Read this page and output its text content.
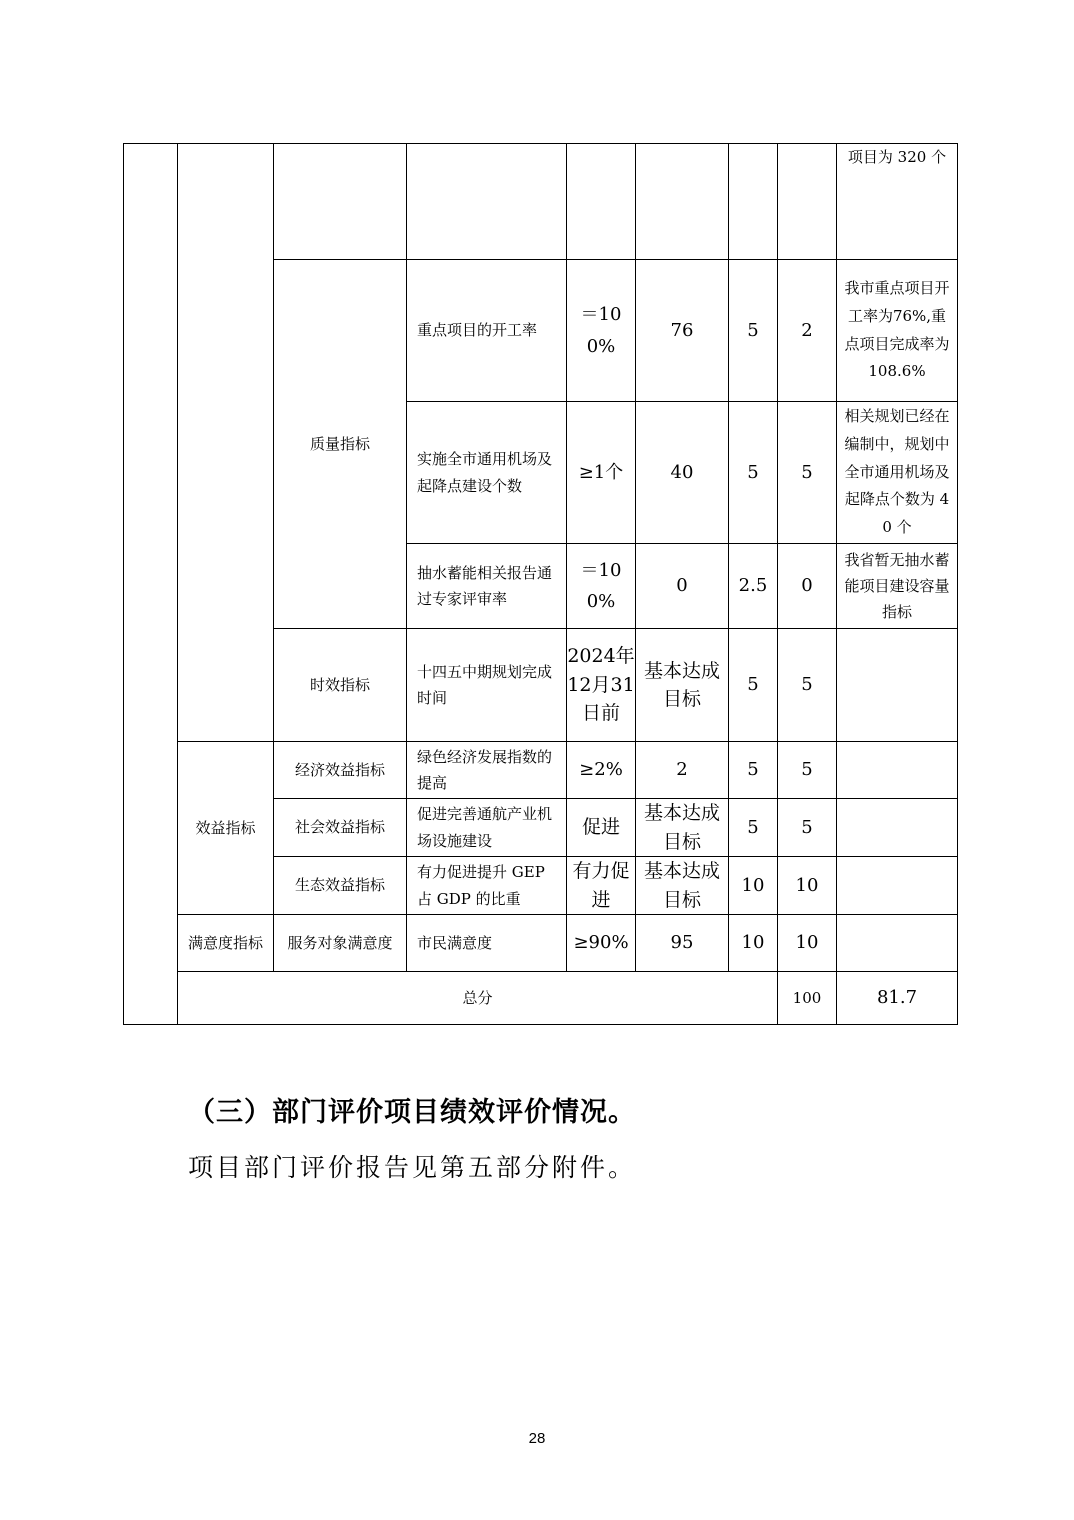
								项目为 320 个	
		质量指标	重点项目的开工率	＝100%	76	5	2	我市重点项目开工率为76%,重点项目完成率为108.6%	
			实施全市通用机场及起降点建设个数	≥1个	40	5	5	相关规划已经在编制中，规划中全市通用机场及起降点个数为 40 个	
			抽水蓄能相关报告通过专家评审率	＝100%	0	2.5	0	我省暂无抽水蓄能项目建设容量指标	
		时效指标	十四五中期规划完成时间	2024年12月31日前	基本达成目标	5	5		
	效益指标	经济效益指标	绿色经济发展指数的提高	≥2%	2	5	5		
		社会效益指标	促进完善通航产业机场设施建设	促进	基本达成目标	5	5		
		生态效益指标	有力促进提升 GEP 占 GDP 的比重	有力促进	基本达成目标	10	10		
	满意度指标	服务对象满意度	市民满意度	≥90%	95	10	10		
	总分						100	81.7	
（三）部门评价项目绩效评价情况。

项目部门评价报告见第五部分附件。

28
